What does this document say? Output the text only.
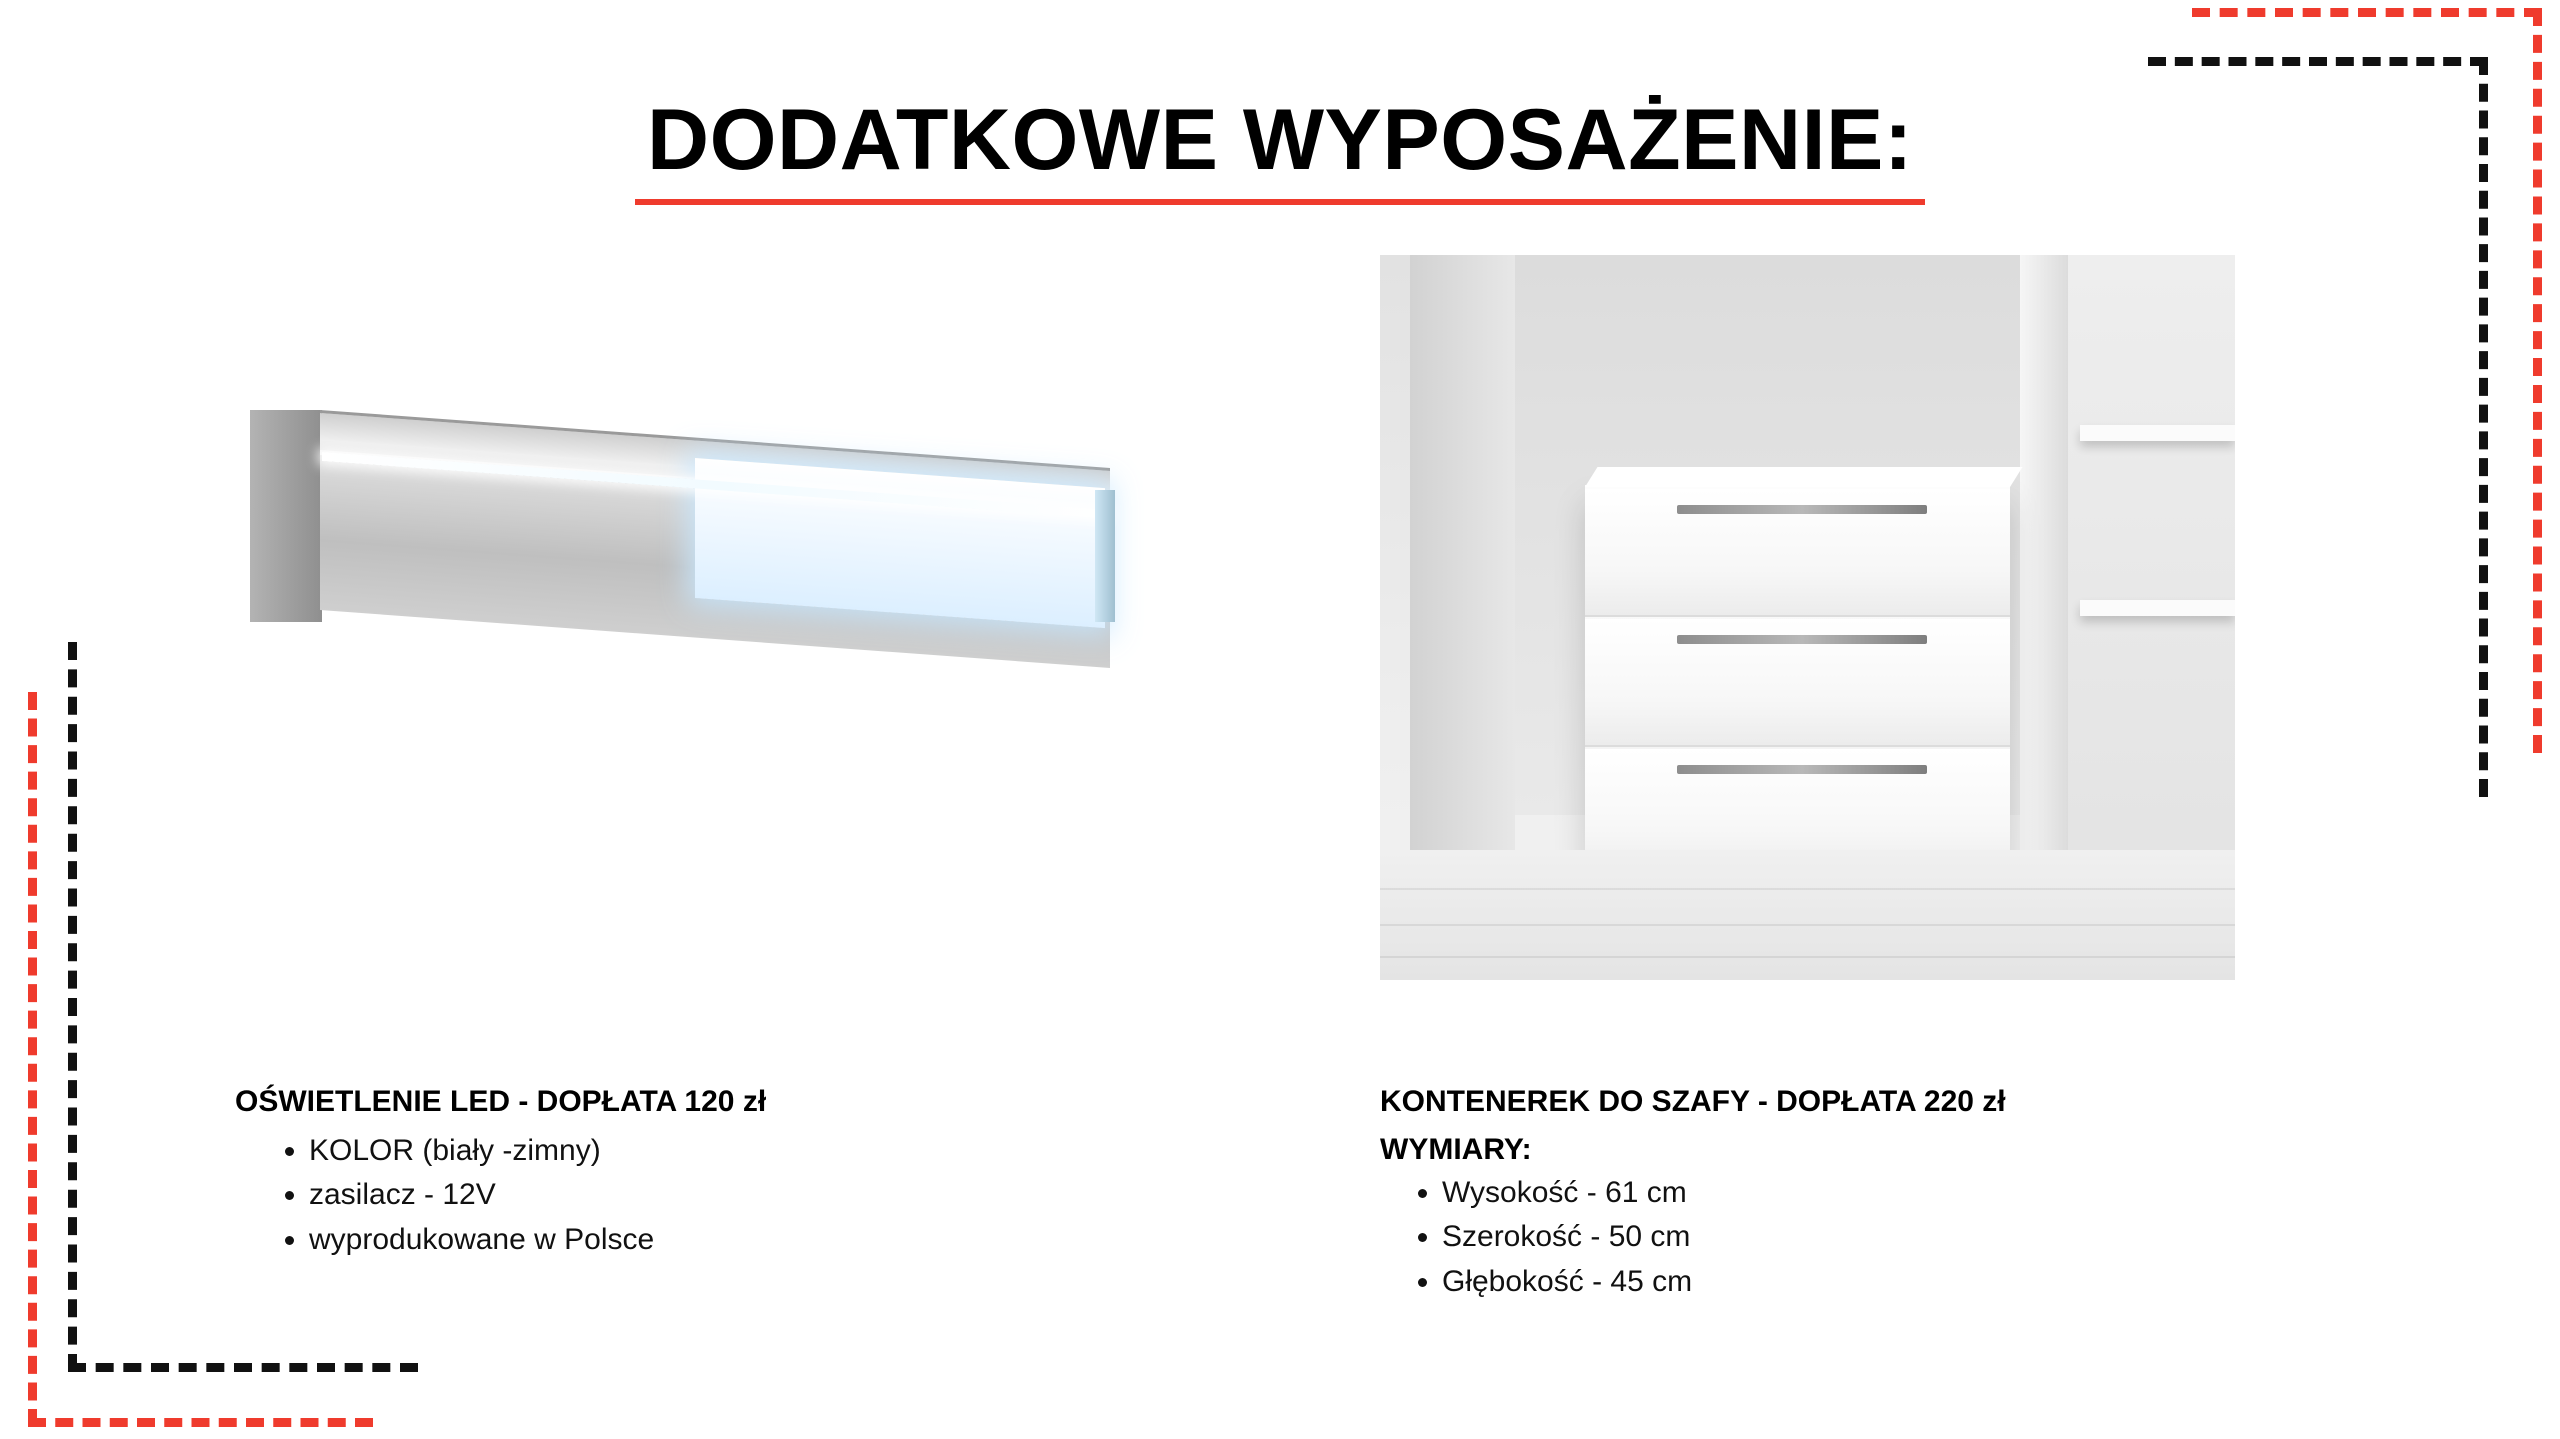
DODATKOWE WYPOSAŻENIE:
OŚWIETLENIE LED - DOPŁATA 120 zł
• KOLOR (biały -zimny)
• zasilacz - 12V
• wyprodukowane w Polsce
KONTENEREK DO SZAFY - DOPŁATA 220 zł
WYMIARY:
• Wysokość - 61 cm
• Szerokość - 50 cm
• Głębokość - 45 cm
